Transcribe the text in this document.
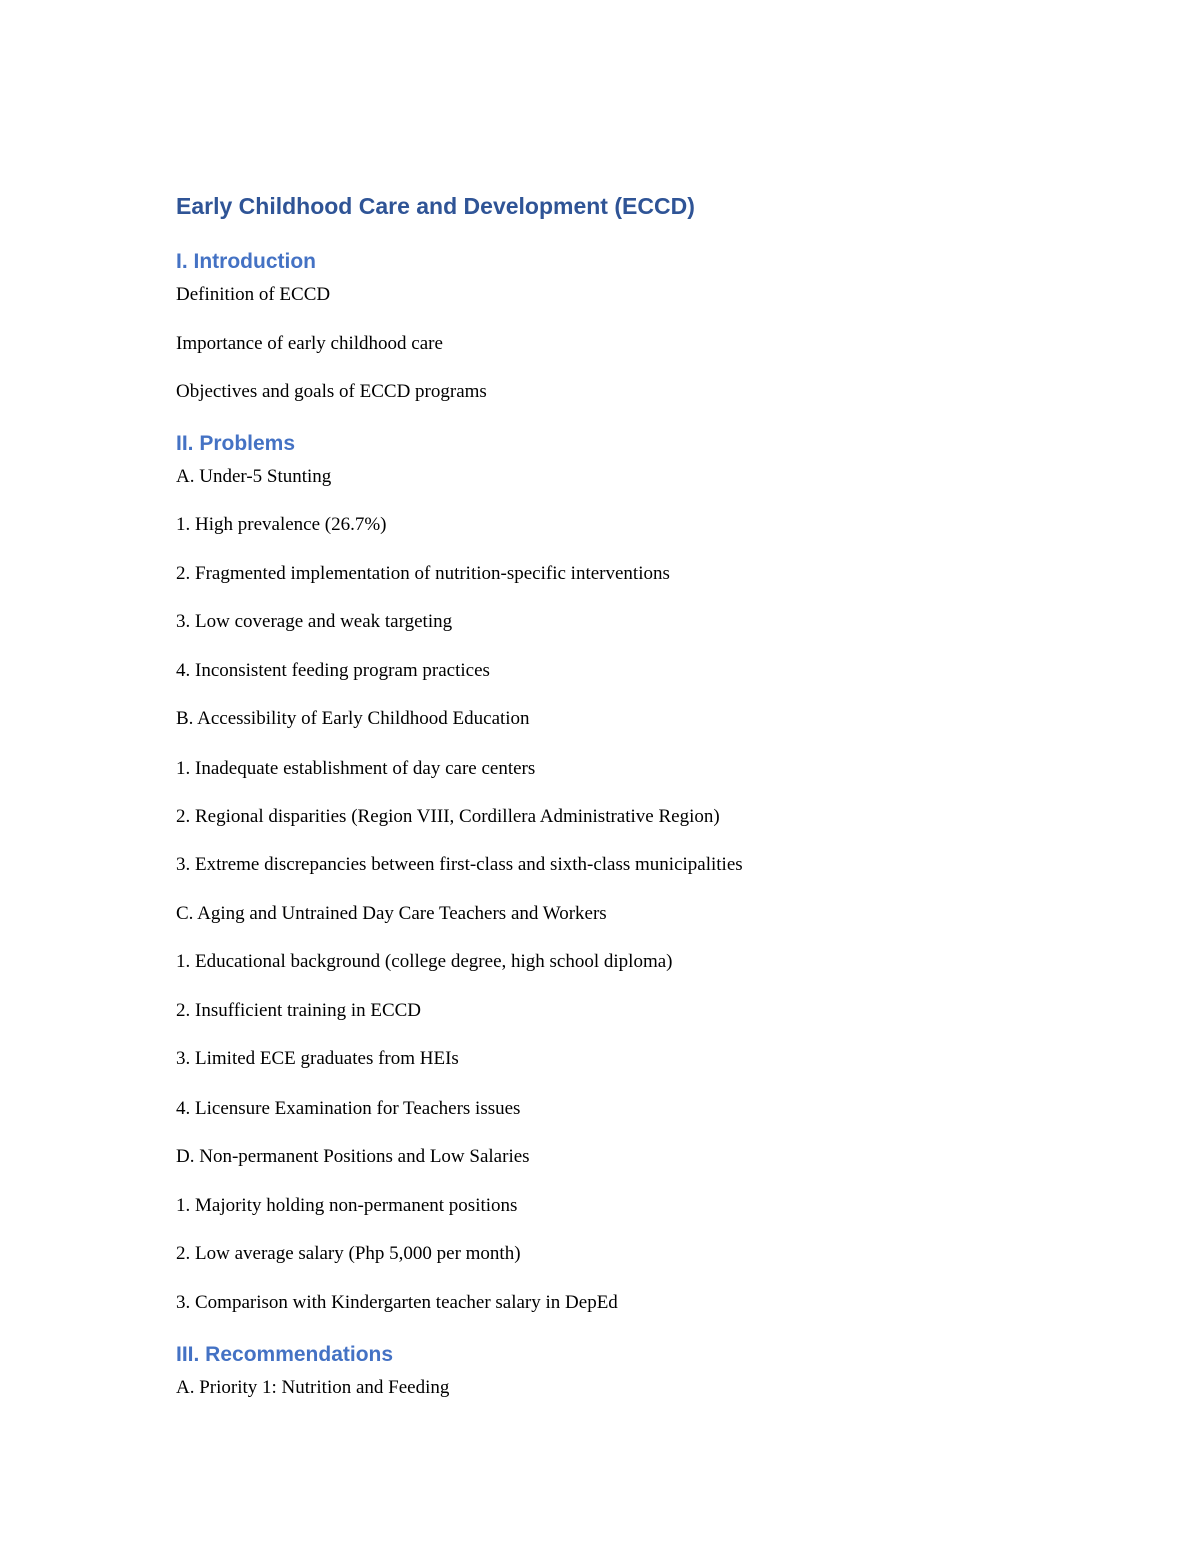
Early Childhood Care and Development (ECCD)
I. Introduction

Definition of ECCD

Importance of early childhood care

Objectives and goals of ECCD programs

II. Problems

A. Under-5 Stunting

1. High prevalence (26.7%)

2. Fragmented implementation of nutrition-specific interventions

3. Low coverage and weak targeting

4. Inconsistent feeding program practices

B. Accessibility of Early Childhood Education

1. Inadequate establishment of day care centers

2. Regional disparities (Region VIII, Cordillera Administrative Region)

3. Extreme discrepancies between first-class and sixth-class municipalities

C. Aging and Untrained Day Care Teachers and Workers

1. Educational background (college degree, high school diploma)

2. Insufficient training in ECCD

3. Limited ECE graduates from HEIs

4. Licensure Examination for Teachers issues

D. Non-permanent Positions and Low Salaries

1. Majority holding non-permanent positions

2. Low average salary (Php 5,000 per month)

3. Comparison with Kindergarten teacher salary in DepEd

III. Recommendations

A. Priority 1: Nutrition and Feeding
